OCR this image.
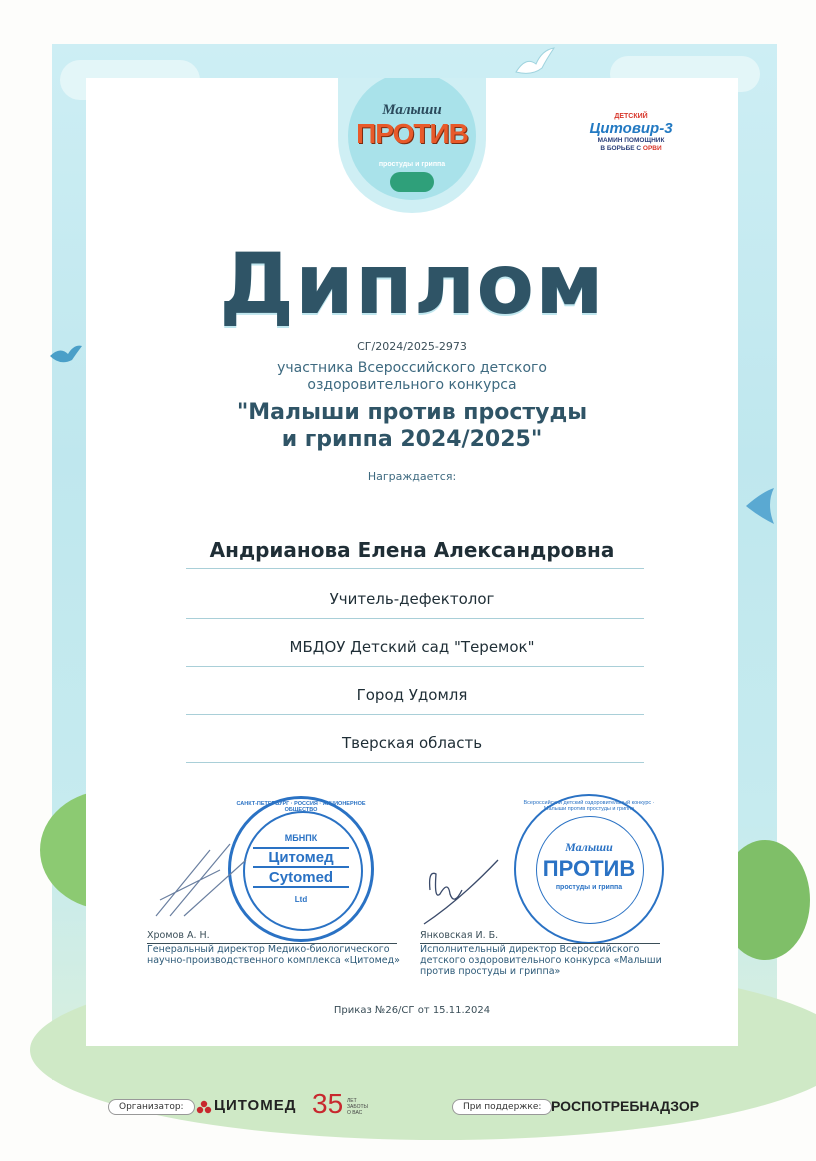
Малыши
ПРОТИВ
простуды и гриппа
ДЕТСКИЙ
Цитовир-3
МАМИН ПОМОЩНИК
В БОРЬБЕ С ОРВИ
Диплом
СГ/2024/2025-2973
участника Всероссийского детского
оздоровительного конкурса
"Малыши против простуды
и гриппа 2024/2025"
Награждается:
Андрианова Елена Александровна
Учитель-дефектолог
МБДОУ Детский сад "Теремок"
Город Удомля
Тверская область
САНКТ-ПЕТЕРБУРГ · РОССИЯ · АКЦИОНЕРНОЕ ОБЩЕСТВО
МБНПК
Цитомед
Cytomed
Ltd
Всероссийский детский оздоровительный конкурс · Малыши против простуды и гриппа
Малыши
ПРОТИВ
простуды и гриппа
Хромов А. Н.
Генеральный директор Медико-биологического
научно-производственного комплекса «Цитомед»
Янковская И. Б.
Исполнительный директор Всероссийского
детского оздоровительного конкурса «Малыши
против простуды и гриппа»
Приказ №26/СГ от 15.11.2024
Организатор:	ЦИТОМЕД 35 ЛЕТ
ЗАБОТЫ
О ВАС
При поддержке: РОСПОТРЕБНАДЗОР
